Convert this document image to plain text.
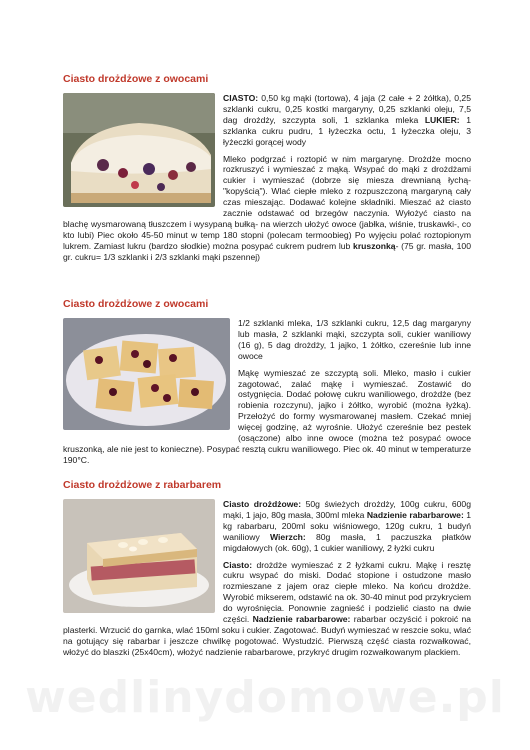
Ciasto drożdżowe z owocami

CIASTO: 0,50 kg mąki (tortowa), 4 jaja (2 całe + 2 żółtka), 0,25 szklanki cukru, 0,25 kostki margaryny, 0,25 szklanki oleju, 7,5 dag drożdży, szczypta soli, 1 szklanka mleka LUKIER: 1 szklanka cukru pudru, 1 łyżeczka octu, 1 łyżeczka oleju, 3 łyżeczki gorącej wody

Mleko podgrzać i roztopić w nim margarynę. Drożdże mocno rozkruszyć i wymieszać z mąką. Wsypać do mąki z drożdżami cukier i wymieszać (dobrze się miesza drewnianą łychą- "kopyścią"). Wlać ciepłe mleko z rozpuszczoną margaryną cały czas mieszając. Dodawać kolejne składniki. Mieszać aż ciasto zacznie odstawać od brzegów naczynia. Wyłożyć ciasto na blachę wysmarowaną tłuszczem i wysypaną bułką- na wierzch ułożyć owoce (jabłka, wiśnie, truskawki-, co kto lubi) Piec około 45-50 minut w temp 180 stopni (polecam termoobieg) Po wyjęciu polać roztopionym lukrem. Zamiast lukru (bardzo słodkie) można posypać cukrem pudrem lub kruszonką- (75 gr. masła, 100 gr. cukru= 1/3 szklanki i 2/3 szklanki mąki pszennej)

Ciasto drożdżowe z owocami

1/2 szklanki mleka, 1/3 szklanki cukru, 12,5 dag margaryny lub masła, 2 szklanki mąki, szczypta soli, cukier waniliowy (16 g), 5 dag drożdży, 1 jajko, 1 żółtko, czereśnie lub inne owoce

Mąkę wymieszać ze szczyptą soli. Mleko, masło i cukier zagotować, zalać mąkę i wymieszać. Zostawić do ostygnięcia. Dodać połowę cukru waniliowego, drożdże (bez robienia rozczynu), jajko i żółtko, wyrobić (można łyżką). Przełożyć do formy wysmarowanej masłem. Czekać mniej więcej godzinę, aż wyrośnie. Ułożyć czereśnie bez pestek (osączone) albo inne owoce (można też posypać owoce kruszonką, ale nie jest to konieczne). Posypać resztą cukru waniliowego. Piec ok. 40 minut w temperaturze 190°C.

Ciasto drożdżowe z rabarbarem

Ciasto drożdżowe: 50g świeżych drożdży, 100g cukru, 600g mąki, 1 jajo, 80g masła, 300ml mleka Nadzienie rabarbarowe: 1 kg rabarbaru, 200ml soku wiśniowego, 120g cukru, 1 budyń waniliowy Wierzch: 80g masła, 1 paczuszka płatków migdałowych (ok. 60g), 1 cukier waniliowy, 2 łyżki cukru

Ciasto: drożdże wymieszać z 2 łyżkami cukru. Mąkę i resztę cukru wsypać do miski. Dodać stopione i ostudzone masło rozmieszane z jajem oraz ciepłe mleko. Na końcu drożdże. Wyrobić mikserem, odstawić na ok. 30-40 minut pod przykryciem do wyrośnięcia. Ponownie zagnieść i podzielić ciasto na dwie części. Nadzienie rabarbarowe: rabarbar oczyścić i pokroić na plasterki. Wrzucić do garnka, wlać 150ml soku i cukier. Zagotować. Budyń wymieszać w reszcie soku, wlać na gotujący się rabarbar i jeszcze chwilkę pogotować. Wystudzić. Pierwszą część ciasta rozwałkować, włożyć do blaszki (25x40cm), włożyć nadzienie rabarbarowe, przykryć drugim rozwałkowanym plackiem.

wedlinydomowe.pl
